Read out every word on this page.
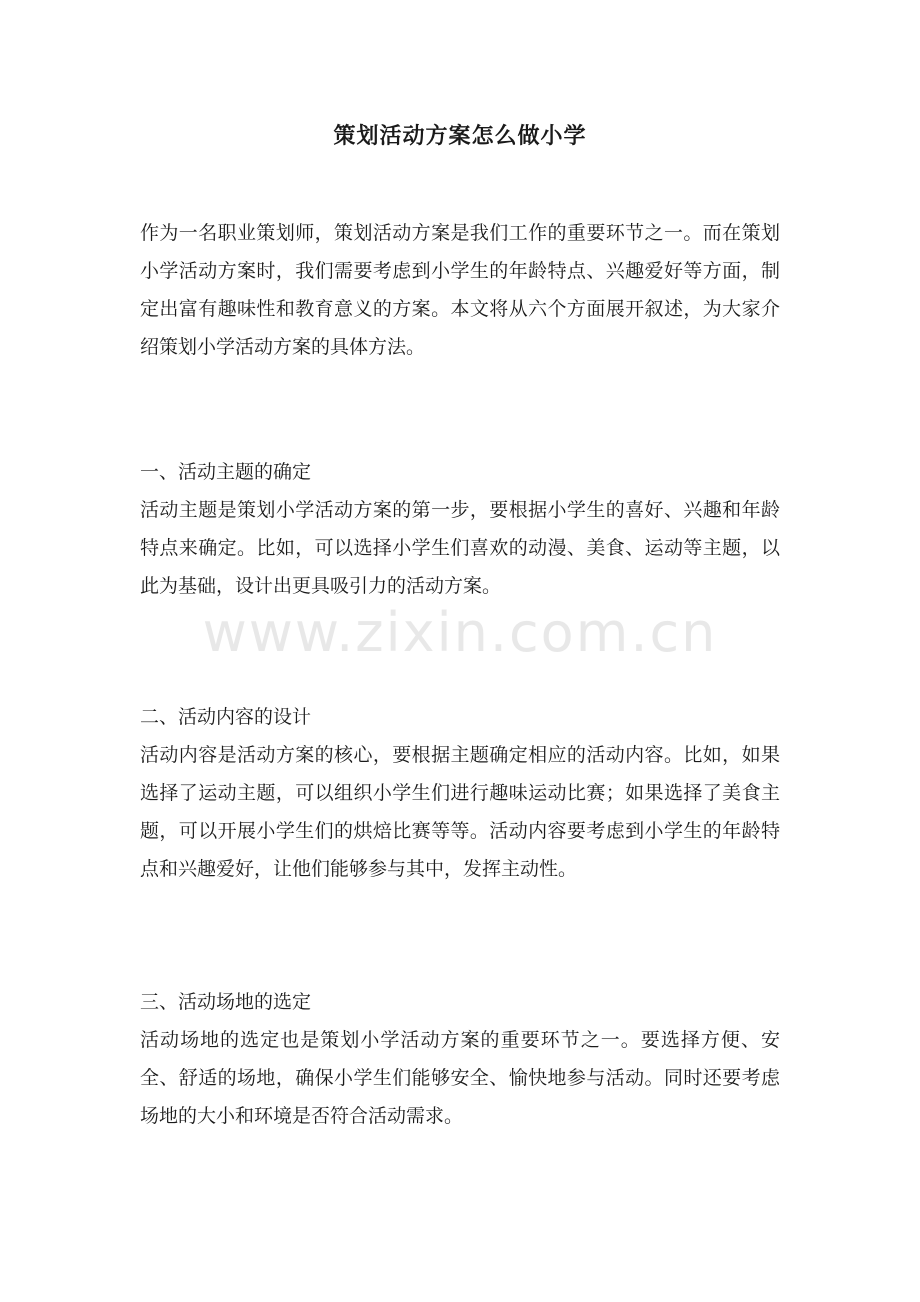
策划活动方案怎么做小学

作为一名职业策划师，策划活动方案是我们工作的重要环节之一。而在策划小学活动方案时，我们需要考虑到小学生的年龄特点、兴趣爱好等方面，制定出富有趣味性和教育意义的方案。本文将从六个方面展开叙述，为大家介绍策划小学活动方案的具体方法。

一、活动主题的确定

活动主题是策划小学活动方案的第一步，要根据小学生的喜好、兴趣和年龄特点来确定。比如，可以选择小学生们喜欢的动漫、美食、运动等主题，以此为基础，设计出更具吸引力的活动方案。

二、活动内容的设计

活动内容是活动方案的核心，要根据主题确定相应的活动内容。比如，如果选择了运动主题，可以组织小学生们进行趣味运动比赛；如果选择了美食主题，可以开展小学生们的烘焙比赛等等。活动内容要考虑到小学生的年龄特点和兴趣爱好，让他们能够参与其中，发挥主动性。

三、活动场地的选定

活动场地的选定也是策划小学活动方案的重要环节之一。要选择方便、安全、舒适的场地，确保小学生们能够安全、愉快地参与活动。同时还要考虑场地的大小和环境是否符合活动需求。

www.zixin.com.cn
